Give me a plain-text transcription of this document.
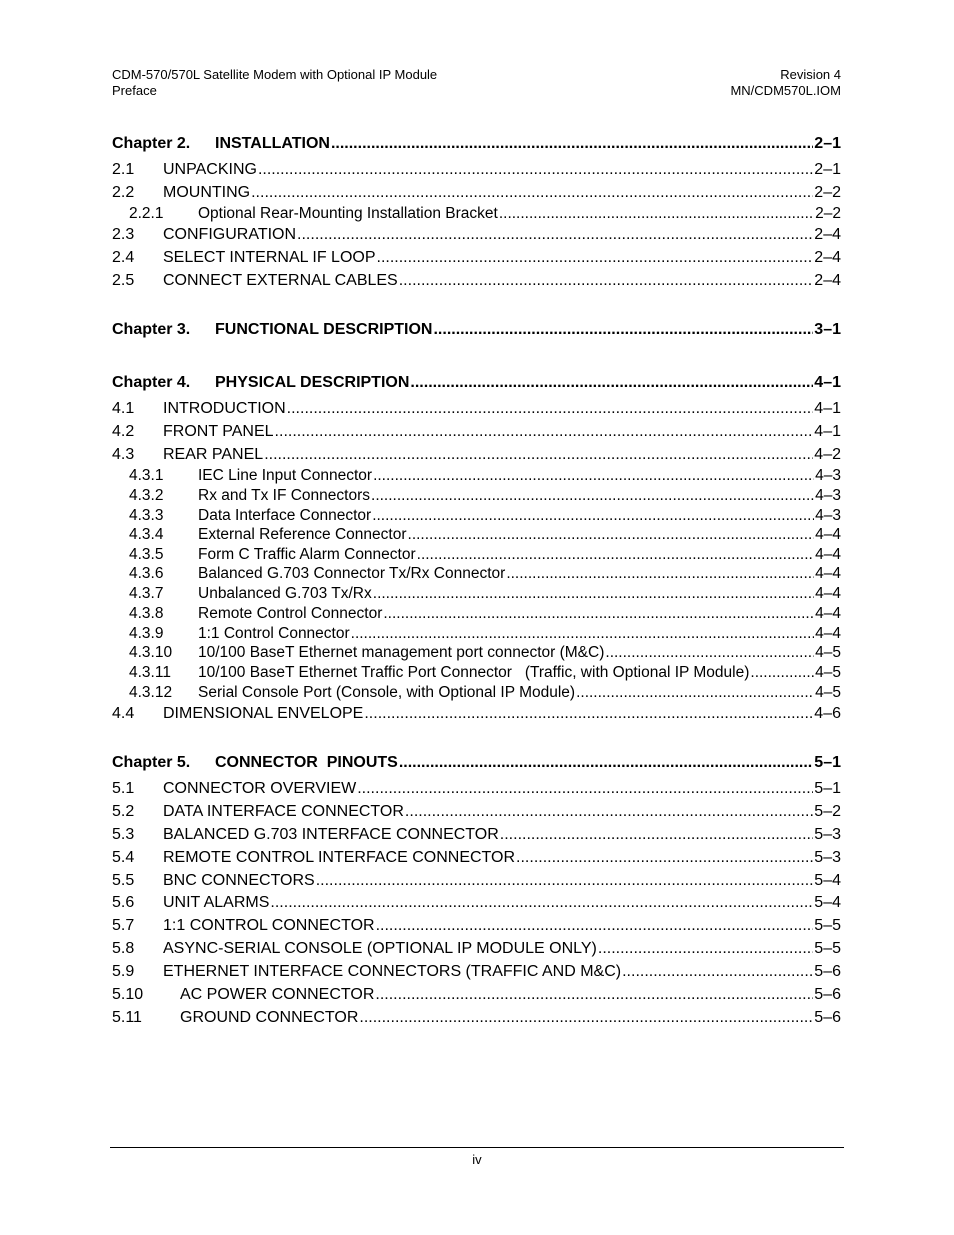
CDM-570/570L Satellite Modem with Optional IP Module
Preface
Revision 4
MN/CDM570L.IOM
Chapter 2.	INSTALLATION .....	2–1
2.1	UNPACKING .....	2–1
2.2	MOUNTING .....	2–2
2.2.1	Optional Rear-Mounting Installation Bracket .....	2–2
2.3	CONFIGURATION .....	2–4
2.4	SELECT INTERNAL IF LOOP .....	2–4
2.5	CONNECT EXTERNAL CABLES .....	2–4
Chapter 3.	FUNCTIONAL DESCRIPTION .....	3–1
Chapter 4.	PHYSICAL DESCRIPTION .....	4–1
4.1	INTRODUCTION .....	4–1
4.2	FRONT PANEL .....	4–1
4.3	REAR PANEL .....	4–2
4.3.1	IEC Line Input Connector .....	4–3
4.3.2	Rx and Tx IF Connectors .....	4–3
4.3.3	Data Interface Connector .....	4–3
4.3.4	External Reference Connector .....	4–4
4.3.5	Form C Traffic Alarm Connector .....	4–4
4.3.6	Balanced G.703 Connector Tx/Rx Connector .....	4–4
4.3.7	Unbalanced G.703 Tx/Rx .....	4–4
4.3.8	Remote Control Connector .....	4–4
4.3.9	1:1 Control Connector .....	4–4
4.3.10	10/100 BaseT Ethernet management port connector (M&C) .....	4–5
4.3.11	10/100 BaseT Ethernet Traffic Port Connector   (Traffic, with Optional IP Module) .....	4–5
4.3.12	Serial Console Port (Console, with Optional IP Module) .....	4–5
4.4	DIMENSIONAL ENVELOPE .....	4–6
Chapter 5.	CONNECTOR  PINOUTS .....	5–1
5.1	CONNECTOR OVERVIEW .....	5–1
5.2	DATA INTERFACE CONNECTOR .....	5–2
5.3	BALANCED G.703 INTERFACE CONNECTOR .....	5–3
5.4	REMOTE CONTROL INTERFACE CONNECTOR .....	5–3
5.5	BNC CONNECTORS .....	5–4
5.6	UNIT ALARMS .....	5–4
5.7	1:1 CONTROL CONNECTOR .....	5–5
5.8	ASYNC-SERIAL CONSOLE (OPTIONAL IP MODULE ONLY) .....	5–5
5.9	ETHERNET INTERFACE CONNECTORS (TRAFFIC AND M&C) .....	5–6
5.10	AC POWER CONNECTOR .....	5–6
5.11	GROUND CONNECTOR .....	5–6
iv
